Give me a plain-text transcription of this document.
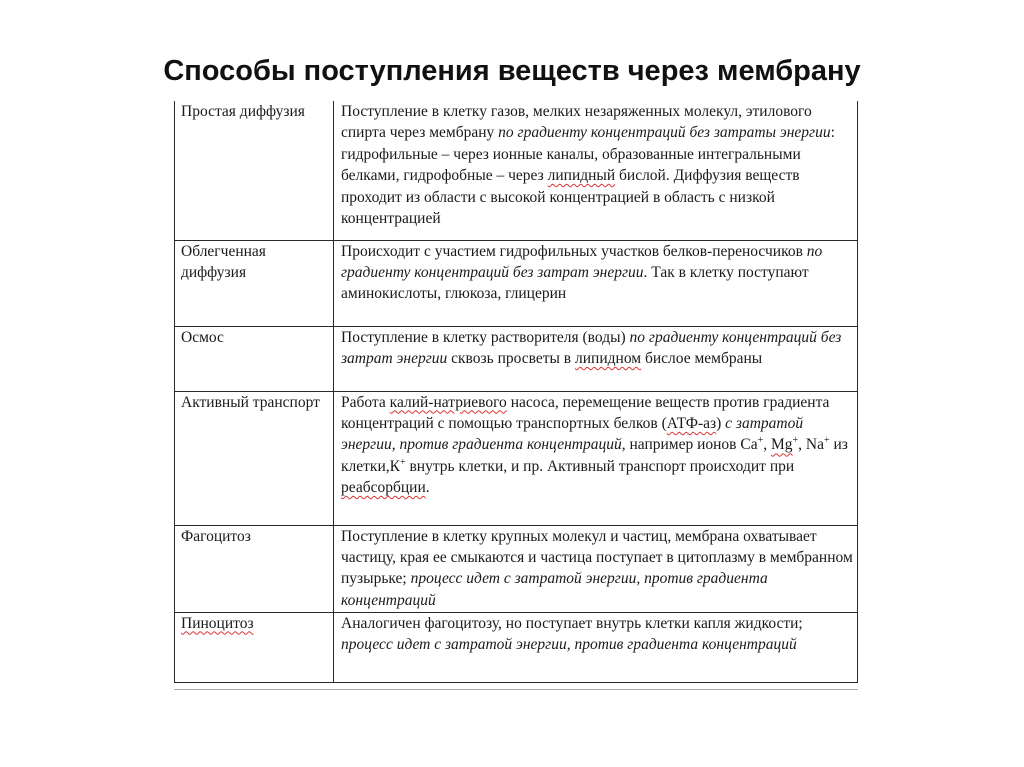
Способы поступления веществ через мембрану
Простая диффузия	Поступление в клетку газов, мелких незаряженных молекул, этилового спирта через мембрану по градиенту концентраций без затраты энергии: гидрофильные – через ионные каналы, образованные интегральными белками, гидрофобные – через липидный бислой. Диффузия веществ проходит из области с высокой концентрацией в область с низкой концентрацией
Облегченная диффузия	Происходит с участием гидрофильных участков белков-переносчиков по градиенту концентраций без затрат энергии. Так в клетку поступают аминокислоты, глюкоза, глицерин
Осмос	Поступление в клетку растворителя (воды) по градиенту концентраций без затрат энергии сквозь просветы в липидном бислое мембраны
Активный транспорт	Работа калий-натриевого насоса, перемещение веществ против градиента концентраций с помощью транспортных белков (АТФ-аз) с затратой энергии, против градиента концентраций, например ионов Ca+, Mg+, Na+ из клетки,К+ внутрь клетки, и пр. Активный транспорт происходит при реабсорбции.
Фагоцитоз	Поступление в клетку крупных молекул и частиц, мембрана охватывает частицу, края ее смыкаются и частица поступает в цитоплазму в мембранном пузырьке; процесс идет с затратой энергии, против градиента концентраций
Пиноцитоз	Аналогичен фагоцитозу, но поступает внутрь клетки капля жидкости; процесс идет с затратой энергии, против градиента концентраций
